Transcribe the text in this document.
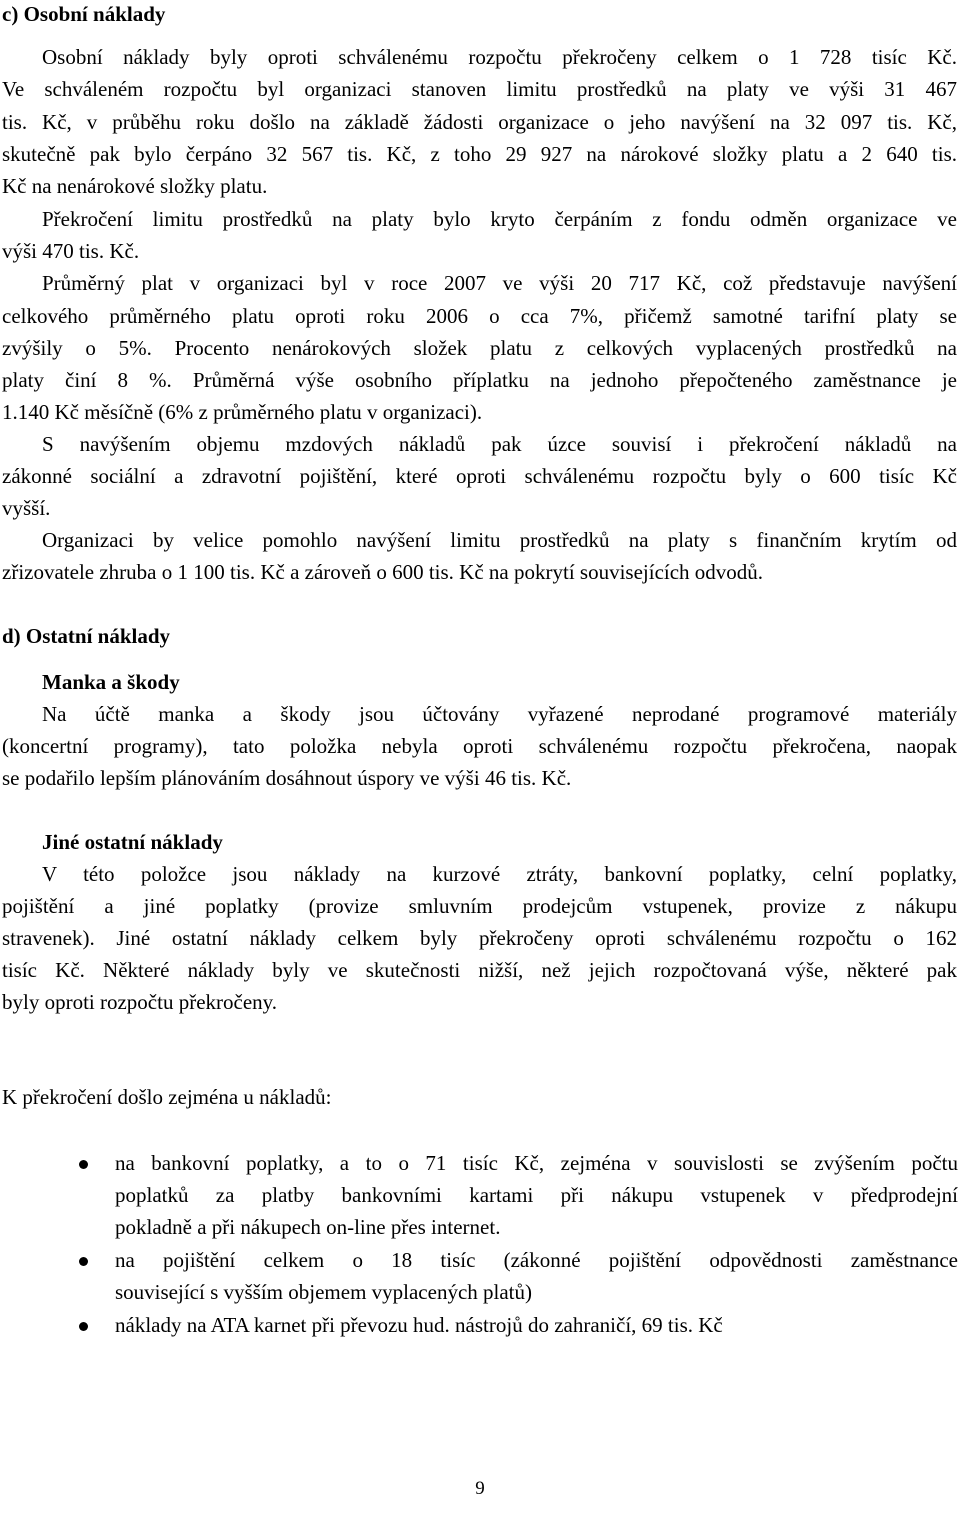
c) Osobní náklady
Osobní náklady byly oproti schválenému rozpočtu překročeny celkem o 1 728 tisíc Kč.
Ve schváleném rozpočtu byl organizaci stanoven limitu prostředků na platy ve výši 31 467
tis. Kč, v průběhu roku došlo na základě žádosti organizace o jeho navýšení na 32 097 tis. Kč,
skutečně pak bylo čerpáno 32 567 tis. Kč, z toho 29 927 na nárokové složky platu a 2 640 tis.
Kč na nenárokové složky platu.
Překročení limitu prostředků na platy bylo kryto čerpáním z fondu odměn organizace ve
výši 470 tis. Kč.
Průměrný plat v organizaci byl v roce 2007 ve výši 20 717 Kč, což představuje navýšení
celkového průměrného platu oproti roku 2006 o cca 7%, přičemž samotné tarifní platy se
zvýšily o 5%. Procento nenárokových složek platu z celkových vyplacených prostředků na
platy činí 8 %. Průměrná výše osobního příplatku na jednoho přepočteného zaměstnance je
1.140 Kč měsíčně (6% z průměrného platu v organizaci).
S navýšením objemu mzdových nákladů pak úzce souvisí i překročení nákladů na
zákonné sociální a zdravotní pojištění, které oproti schválenému rozpočtu byly o 600 tisíc Kč
vyšší.
Organizaci by velice pomohlo navýšení limitu prostředků na platy s finančním krytím od
zřizovatele zhruba o 1 100 tis. Kč a zároveň o 600 tis. Kč na pokrytí souvisejících odvodů.
d) Ostatní náklady
Manka a škody
Na účtě manka a škody jsou účtovány vyřazené neprodané programové materiály
(koncertní programy), tato položka nebyla oproti schválenému rozpočtu překročena, naopak
se podařilo lepším plánováním dosáhnout úspory ve výši 46 tis. Kč.
Jiné ostatní náklady
V této položce jsou náklady na kurzové ztráty, bankovní poplatky, celní poplatky,
pojištění a jiné poplatky (provize smluvním prodejcům vstupenek, provize z nákupu
stravenek). Jiné ostatní náklady celkem byly překročeny oproti schválenému rozpočtu o 162
tisíc Kč. Některé náklady byly ve skutečnosti nižší, než jejich rozpočtovaná výše, některé pak
byly oproti rozpočtu překročeny.
K překročení došlo zejména u nákladů:
na bankovní poplatky, a to o 71 tisíc Kč, zejména v souvislosti se zvýšením počtu
poplatků za platby bankovními kartami při nákupu vstupenek v předprodejní
pokladně a při nákupech on-line přes internet.
na pojištění celkem o 18 tisíc (zákonné pojištění odpovědnosti zaměstnance
související s vyšším objemem vyplacených platů)
náklady na ATA karnet při převozu hud. nástrojů do zahraničí, 69 tis. Kč
9
